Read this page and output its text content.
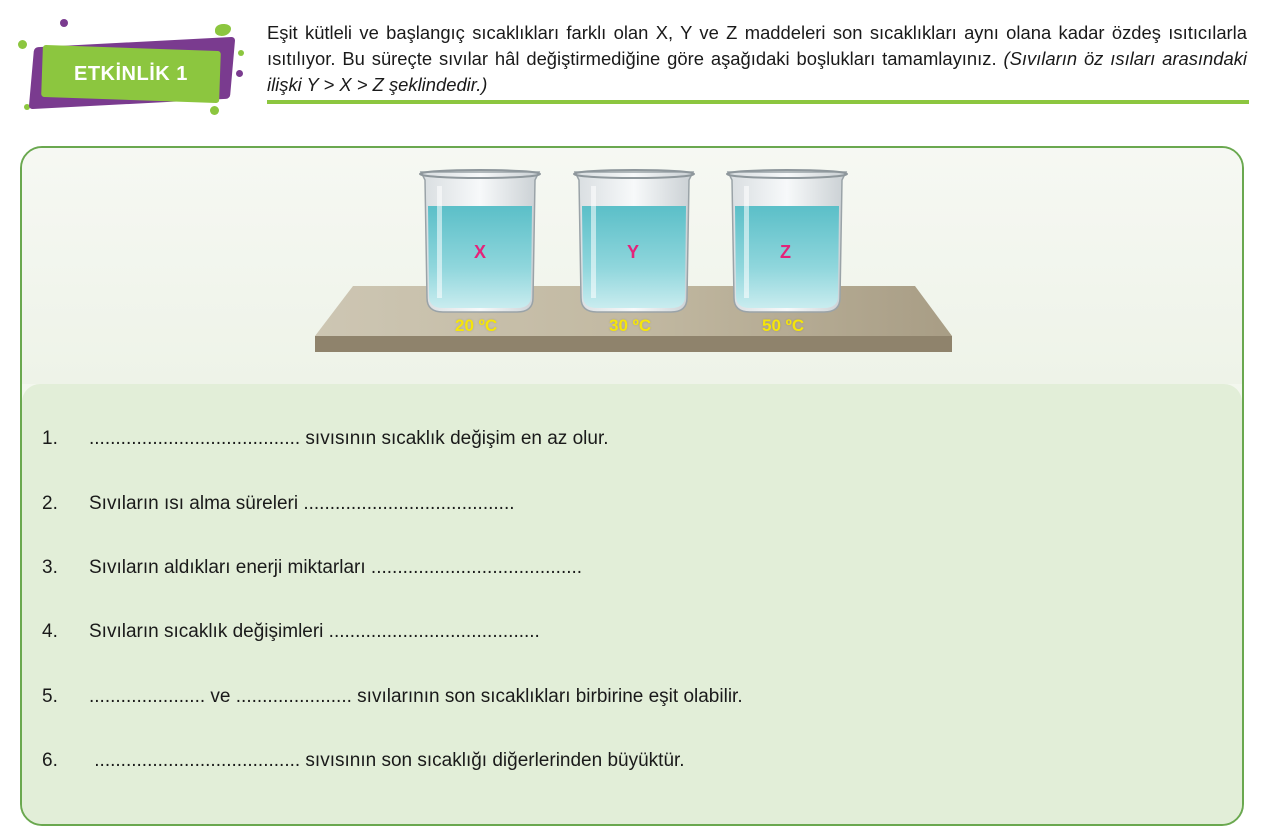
ETKİNLİK 1
Eşit kütleli ve başlangıç sıcaklıkları farklı olan X, Y ve Z maddeleri son sıcaklıkları aynı olana kadar özdeş ısıtıcılarla ısıtılıyor. Bu süreçte sıvılar hâl değiştirmediğine göre aşağıdaki boşlukları tamamlayınız. (Sıvıların öz ısıları arasındaki ilişki Y > X > Z şeklindedir.)
X	Y	Z
20 ºC	30 ºC	50 ºC
1. ........................................ sıvısının sıcaklık değişim en az olur.
2. Sıvıların ısı alma süreleri ........................................
3. Sıvıların aldıkları enerji miktarları ........................................
4. Sıvıların sıcaklık değişimleri ........................................
5. ...................... ve ...................... sıvılarının son sıcaklıkları birbirine eşit olabilir.
6. ....................................... sıvısının son sıcaklığı diğerlerinden büyüktür.
